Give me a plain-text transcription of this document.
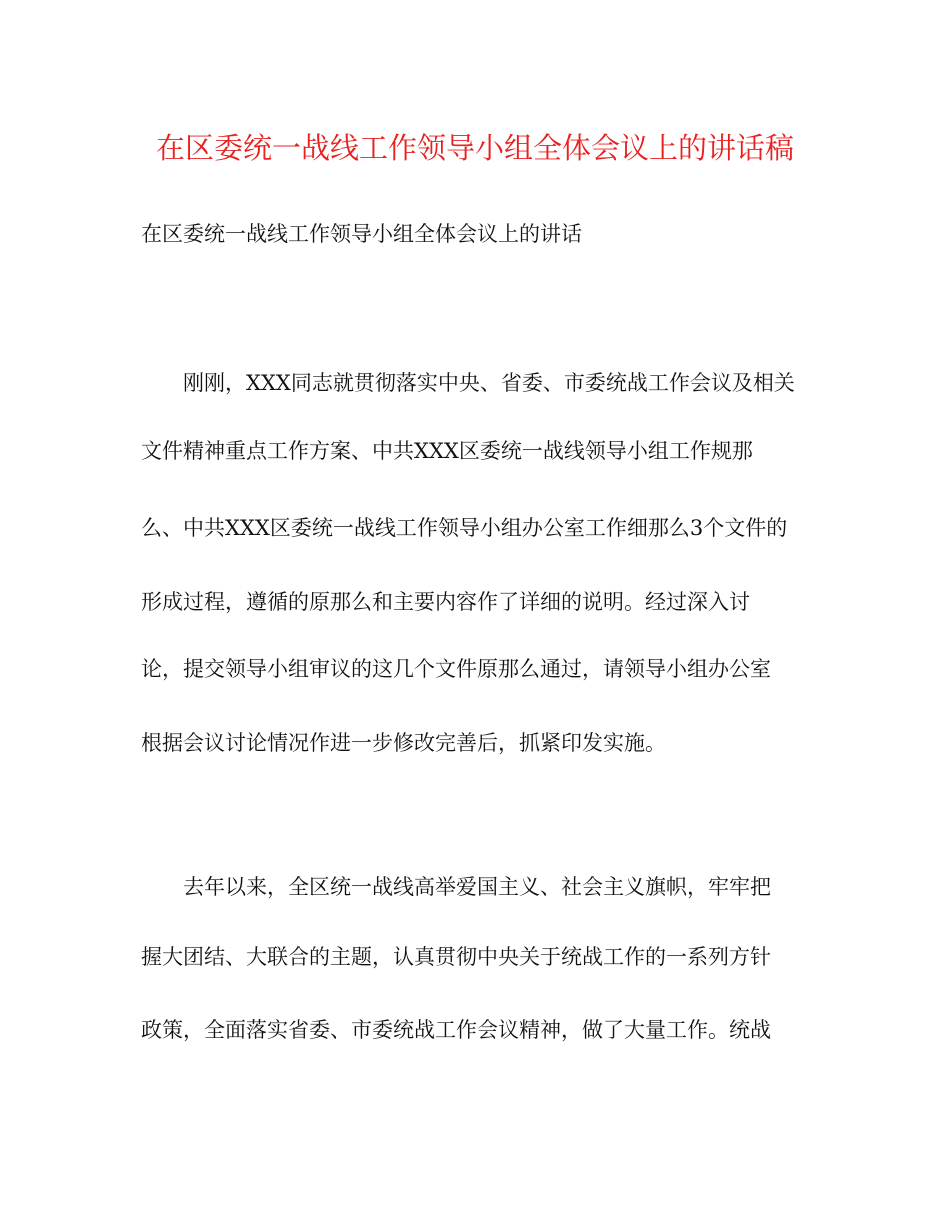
在区委统一战线工作领导小组全体会议上的讲话稿
在区委统一战线工作领导小组全体会议上的讲话
刚刚，XXX同志就贯彻落实中央、省委、市委统战工作会议及相关
文件精神重点工作方案、中共XXX区委统一战线领导小组工作规那
么、中共XXX区委统一战线工作领导小组办公室工作细那么3个文件的
形成过程，遵循的原那么和主要内容作了详细的说明。经过深入讨
论，提交领导小组审议的这几个文件原那么通过，请领导小组办公室
根据会议讨论情况作进一步修改完善后，抓紧印发实施。
去年以来，全区统一战线高举爱国主义、社会主义旗帜，牢牢把
握大团结、大联合的主题，认真贯彻中央关于统战工作的一系列方针
政策，全面落实省委、市委统战工作会议精神，做了大量工作。统战
